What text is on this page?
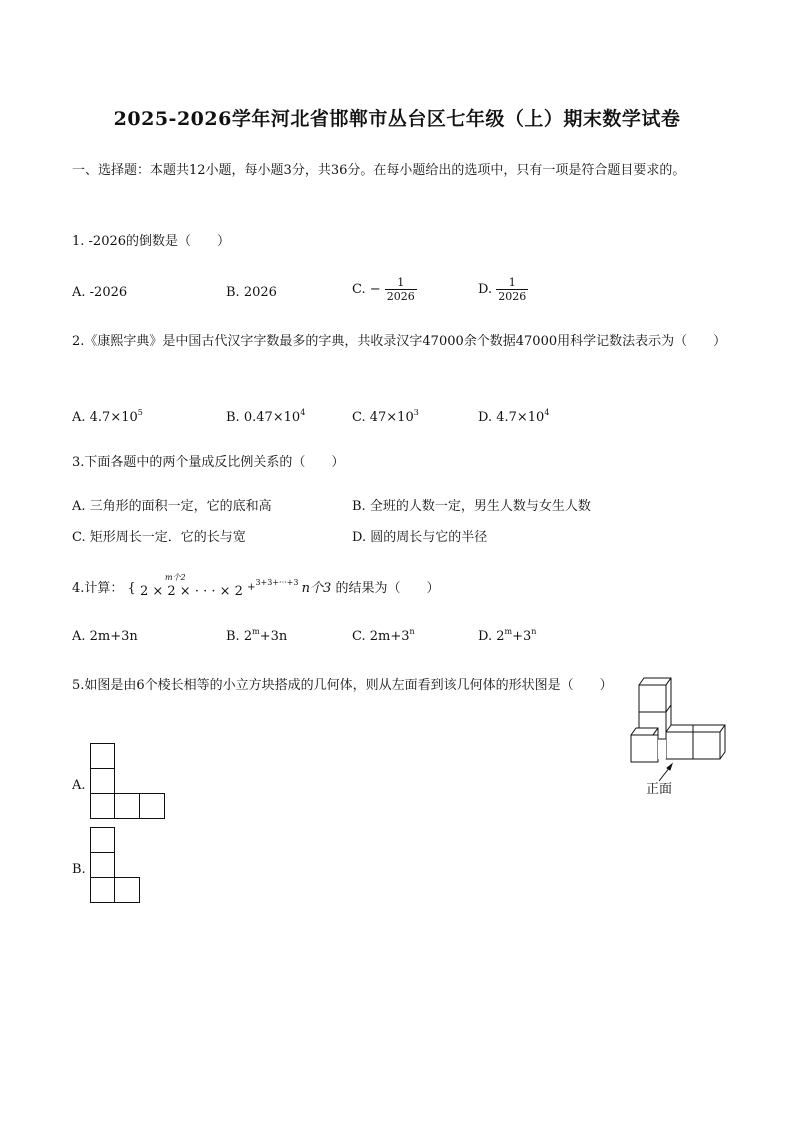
2025-2026学年河北省邯郸市丛台区七年级（上）期末数学试卷
一、选择题：本题共12小题，每小题3分，共36分。在每小题给出的选项中，只有一项是符合题目要求的。
1. -2026的倒数是（　　）
A. -2026	B. 2026	C. − $\frac{1}{2026}$	D. $\frac{1}{2026}$
2.《康熙字典》是中国古代汉字字数最多的字典，共收录汉字47000余个数据47000用科学记数法表示为（　　）
A. $4.7\times 10^5$	B. $0.47\times 10^4$	C. $47\times 10^3$	D. $4.7\times 10^4$
3.下面各题中的两个量成反比例关系的（　　）
A. 三角形的面积一定，它的底和高	B. 全班的人数一定，男生人数与女生人数
C. 矩形周长一定．它的长与宽	D. 圆的周长与它的半径
4.计算： {
m个2
2 × 2 × · · · × 2 +$^{3+3+\cdot\cdot\cdot+3}$ n个3 的结果为（　　）
A. 2m+3n	B. $2^m+3n$	C. $2m+3^n$	D. $2^m+3^n$
5.如图是由6个棱长相等的小立方块搭成的几何体，则从左面看到该几何体的形状图是（　　）
正面
A.
B.
